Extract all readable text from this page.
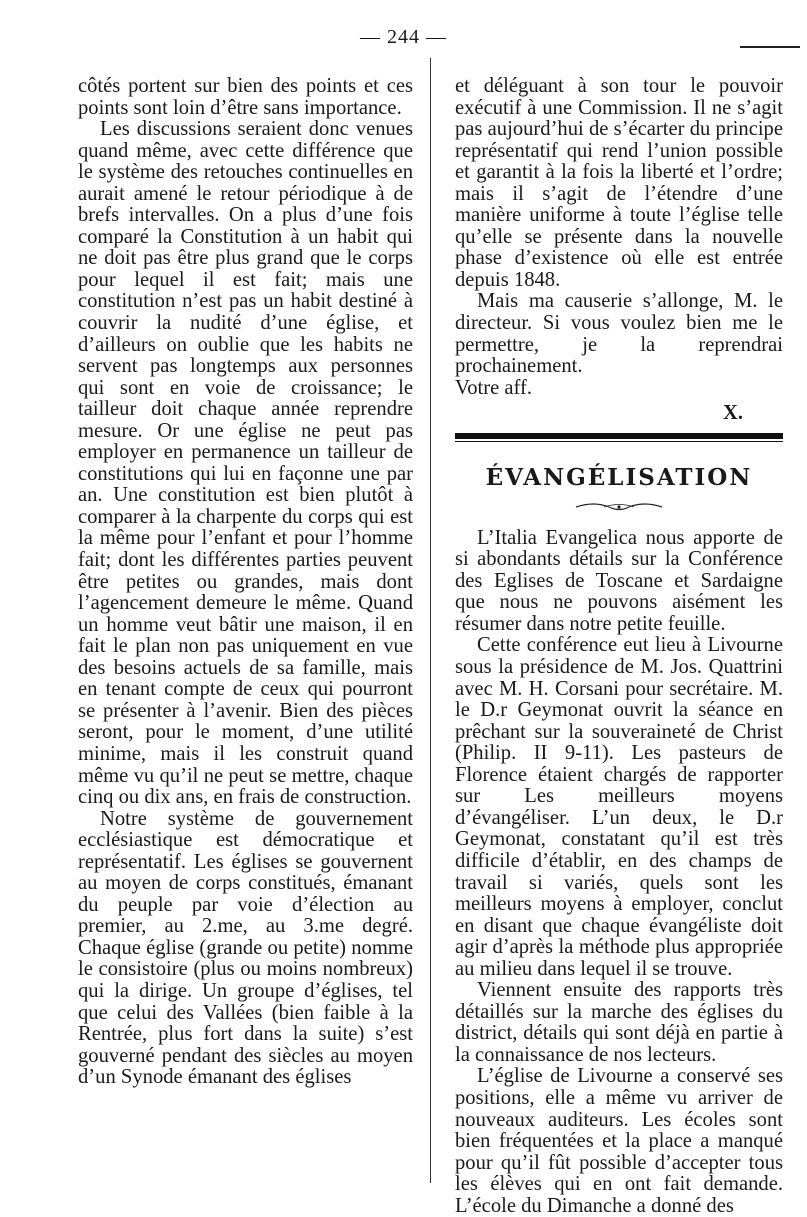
— 244 —

côtés portent sur bien des points et ces points sont loin d’être sans importance.

Les discussions seraient donc venues quand même, avec cette différence que le système des retouches continuelles en aurait amené le retour périodique à de brefs intervalles. On a plus d’une fois comparé la Constitution à un habit qui ne doit pas être plus grand que le corps pour lequel il est fait; mais une constitution n’est pas un habit destiné à couvrir la nudité d’une église, et d’ailleurs on oublie que les habits ne servent pas longtemps aux personnes qui sont en voie de croissance; le tailleur doit chaque année reprendre mesure. Or une église ne peut pas employer en permanence un tailleur de constitutions qui lui en façonne une par an. Une constitution est bien plutôt à comparer à la charpente du corps qui est la même pour l’enfant et pour l’homme fait; dont les différentes parties peuvent être petites ou grandes, mais dont l’agencement demeure le même. Quand un homme veut bâtir une maison, il en fait le plan non pas uniquement en vue des besoins actuels de sa famille, mais en tenant compte de ceux qui pourront se présenter à l’avenir. Bien des pièces seront, pour le moment, d’une utilité minime, mais il les construit quand même vu qu’il ne peut se mettre, chaque cinq ou dix ans, en frais de construction.

Notre système de gouvernement ecclésiastique est démocratique et représentatif. Les églises se gouvernent au moyen de corps constitués, émanant du peuple par voie d’élection au premier, au 2.me, au 3.me degré. Chaque église (grande ou petite) nomme le consistoire (plus ou moins nombreux) qui la dirige. Un groupe d’églises, tel que celui des Vallées (bien faible à la Rentrée, plus fort dans la suite) s’est gouverné pendant des siècles au moyen d’un Synode émanant des églises

et déléguant à son tour le pouvoir exécutif à une Commission. Il ne s’agit pas aujourd’hui de s’écarter du principe représentatif qui rend l’union possible et garantit à la fois la liberté et l’ordre; mais il s’agit de l’étendre d’une manière uniforme à toute l’église telle qu’elle se présente dans la nouvelle phase d’existence où elle est entrée depuis 1848.

Mais ma causerie s’allonge, M. le directeur. Si vous voulez bien me le permettre, je la reprendrai prochainement.

Votre aff.

X.

ÉVANGÉLISATION

L’Italia Evangelica nous apporte de si abondants détails sur la Conférence des Eglises de Toscane et Sardaigne que nous ne pouvons aisément les résumer dans notre petite feuille.

Cette conférence eut lieu à Livourne sous la présidence de M. Jos. Quattrini avec M. H. Corsani pour secrétaire. M. le D.r Geymonat ouvrit la séance en prêchant sur la souveraineté de Christ (Philip. II 9-11). Les pasteurs de Florence étaient chargés de rapporter sur Les meilleurs moyens d’évangéliser. L’un deux, le D.r Geymonat, constatant qu’il est très difficile d’établir, en des champs de travail si variés, quels sont les meilleurs moyens à employer, conclut en disant que chaque évangéliste doit agir d’après la méthode plus appropriée au milieu dans lequel il se trouve.

Viennent ensuite des rapports très détaillés sur la marche des églises du district, détails qui sont déjà en partie à la connaissance de nos lecteurs.

L’église de Livourne a conservé ses positions, elle a même vu arriver de nouveaux auditeurs. Les écoles sont bien fréquentées et la place a manqué pour qu’il fût possible d’accepter tous les élèves qui en ont fait demande. L’école du Dimanche a donné des
